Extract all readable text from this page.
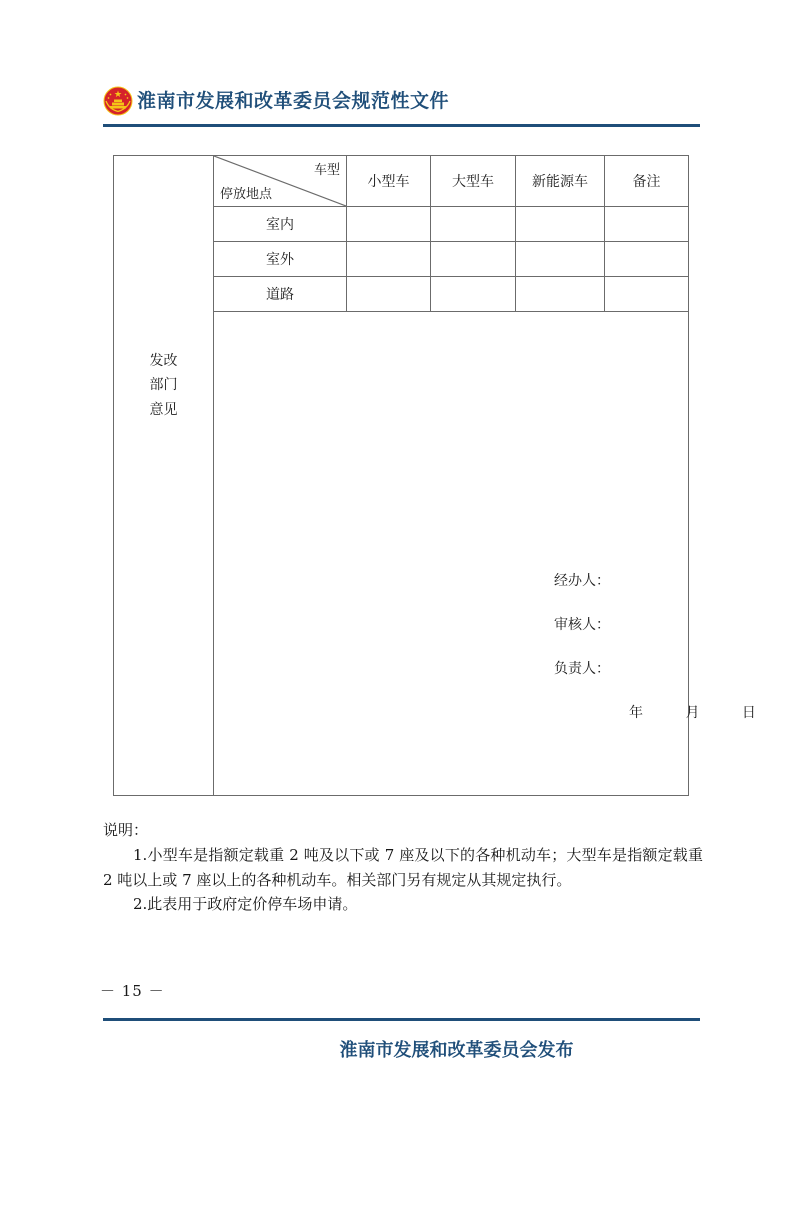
淮南市发展和改革委员会规范性文件
发改
部门
意见
车型
停放地点
小型车	大型车	新能源车	备注
室内
室外
道路
经办人：
审核人：
负责人：
年	月	日

说明：

1.小型车是指额定载重 2 吨及以下或 7 座及以下的各种机动车；大型车是指额定载重 2 吨以上或 7 座以上的各种机动车。相关部门另有规定从其规定执行。

2.此表用于政府定价停车场申请。

－ 15 －
淮南市发展和改革委员会发布
